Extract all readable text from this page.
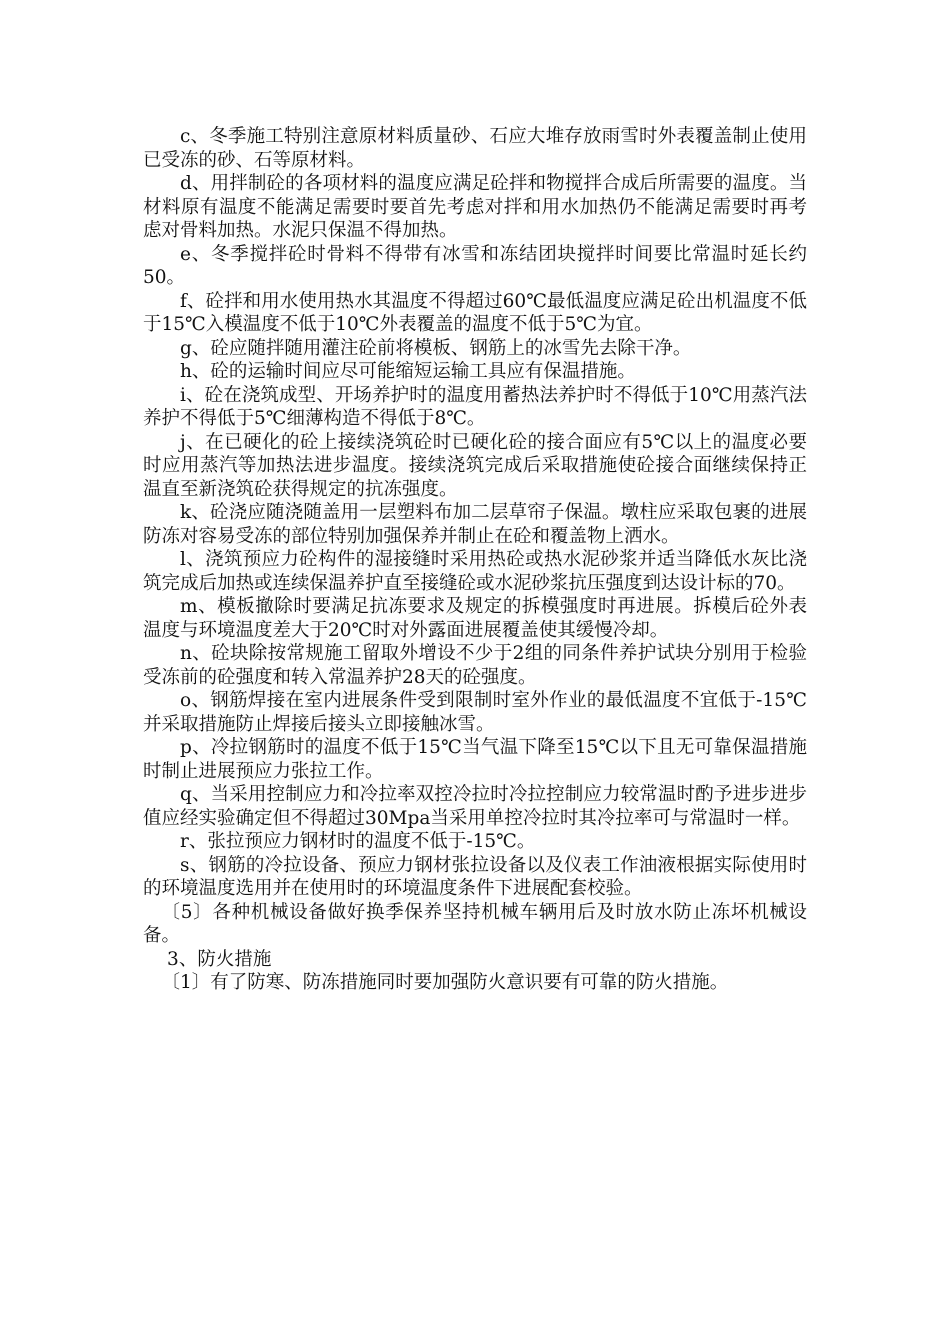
c、冬季施工特别注意原材料质量砂、石应大堆存放雨雪时外表覆盖制止使用已受冻的砂、石等原材料。

d、用拌制砼的各项材料的温度应满足砼拌和物搅拌合成后所需要的温度。当材料原有温度不能满足需要时要首先考虑对拌和用水加热仍不能满足需要时再考虑对骨料加热。水泥只保温不得加热。

e、冬季搅拌砼时骨料不得带有冰雪和冻结团块搅拌时间要比常温时延长约50。

f、砼拌和用水使用热水其温度不得超过60℃最低温度应满足砼出机温度不低于15℃入模温度不低于10℃外表覆盖的温度不低于5℃为宜。

g、砼应随拌随用灌注砼前将模板、钢筋上的冰雪先去除干净。

h、砼的运输时间应尽可能缩短运输工具应有保温措施。

i、砼在浇筑成型、开场养护时的温度用蓄热法养护时不得低于10℃用蒸汽法养护不得低于5℃细薄构造不得低于8℃。

j、在已硬化的砼上接续浇筑砼时已硬化砼的接合面应有5℃以上的温度必要时应用蒸汽等加热法进步温度。接续浇筑完成后采取措施使砼接合面继续保持正温直至新浇筑砼获得规定的抗冻强度。

k、砼浇应随浇随盖用一层塑料布加二层草帘子保温。墩柱应采取包裹的进展防冻对容易受冻的部位特别加强保养并制止在砼和覆盖物上洒水。

l、浇筑预应力砼构件的湿接缝时采用热砼或热水泥砂浆并适当降低水灰比浇筑完成后加热或连续保温养护直至接缝砼或水泥砂浆抗压强度到达设计标的70。

m、模板撤除时要满足抗冻要求及规定的拆模强度时再进展。拆模后砼外表温度与环境温度差大于20℃时对外露面进展覆盖使其缓慢冷却。

n、砼块除按常规施工留取外增设不少于2组的同条件养护试块分别用于检验受冻前的砼强度和转入常温养护28天的砼强度。

o、钢筋焊接在室内进展条件受到限制时室外作业的最低温度不宜低于-15℃并采取措施防止焊接后接头立即接触冰雪。

p、冷拉钢筋时的温度不低于15℃当气温下降至15℃以下且无可靠保温措施时制止进展预应力张拉工作。

q、当采用控制应力和冷拉率双控冷拉时冷拉控制应力较常温时酌予进步进步值应经实验确定但不得超过30Mpa当采用单控冷拉时其冷拉率可与常温时一样。

r、张拉预应力钢材时的温度不低于-15℃。

s、钢筋的冷拉设备、预应力钢材张拉设备以及仪表工作油液根据实际使用时的环境温度选用并在使用时的环境温度条件下进展配套校验。

〔5〕各种机械设备做好换季保养坚持机械车辆用后及时放水防止冻坏机械设备。

3、防火措施

〔1〕有了防寒、防冻措施同时要加强防火意识要有可靠的防火措施。
